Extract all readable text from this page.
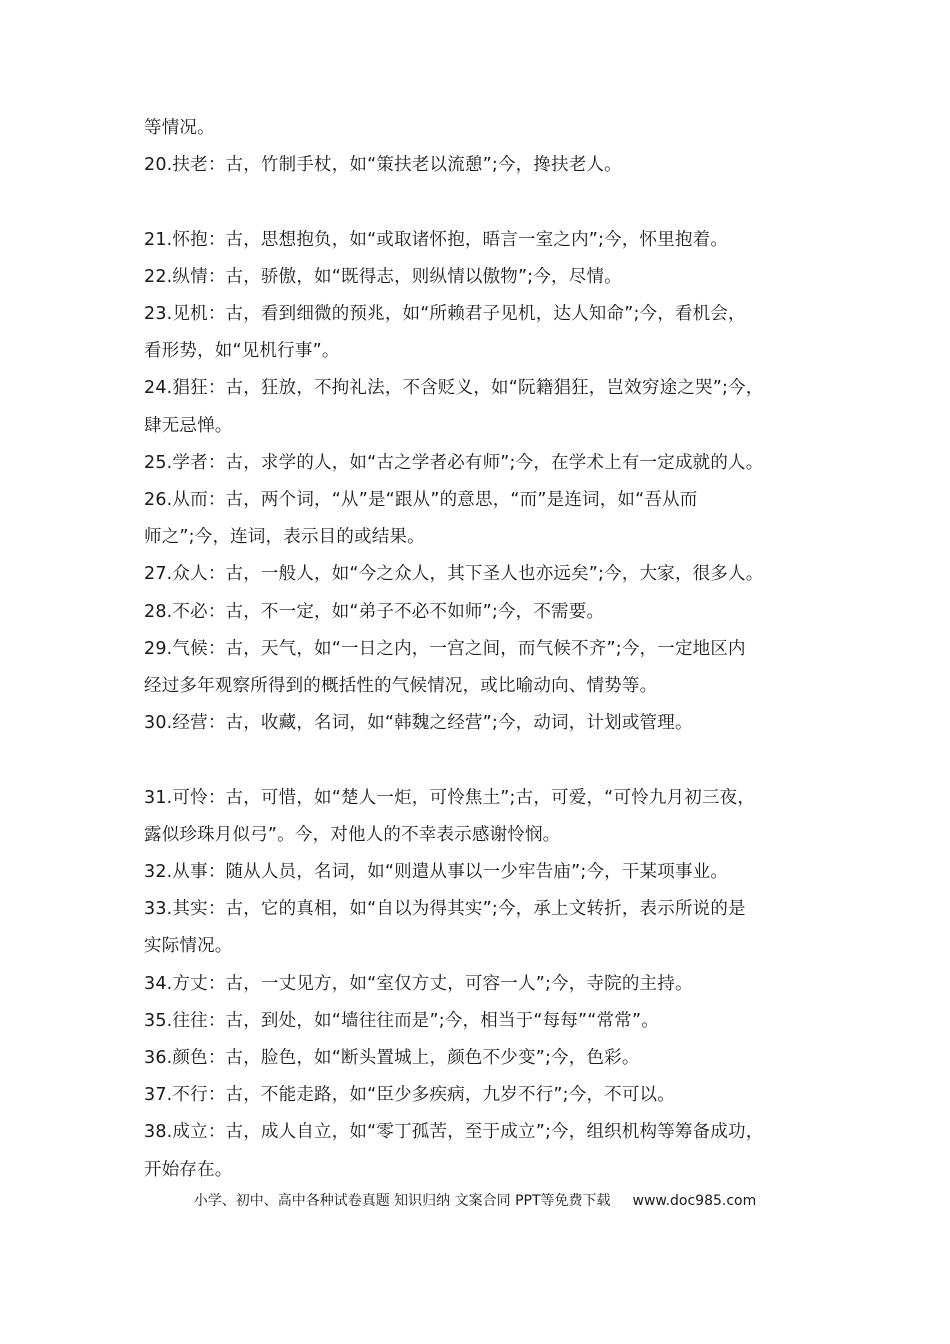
等情况。
20.扶老：古，竹制手杖，如“策扶老以流憩”;今，搀扶老人。
21.怀抱：古，思想抱负，如“或取诸怀抱，晤言一室之内”;今，怀里抱着。
22.纵情：古，骄傲，如“既得志，则纵情以傲物”;今，尽情。
23.见机：古，看到细微的预兆，如“所赖君子见机，达人知命”;今，看机会，
看形势，如“见机行事”。
24.猖狂：古，狂放，不拘礼法，不含贬义，如“阮籍猖狂，岂效穷途之哭”;今，
肆无忌惮。
25.学者：古，求学的人，如“古之学者必有师”;今，在学术上有一定成就的人。
26.从而：古，两个词，“从”是“跟从”的意思，“而”是连词，如“吾从而
师之”;今，连词，表示目的或结果。
27.众人：古，一般人，如“今之众人，其下圣人也亦远矣”;今，大家，很多人。
28.不必：古，不一定，如“弟子不必不如师”;今，不需要。
29.气候：古，天气，如“一日之内，一宫之间，而气候不齐”;今，一定地区内
经过多年观察所得到的概括性的气候情况，或比喻动向、情势等。
30.经营：古，收藏，名词，如“韩魏之经营”;今，动词，计划或管理。
31.可怜：古，可惜，如“楚人一炬，可怜焦土”;古，可爱，“可怜九月初三夜，
露似珍珠月似弓”。今，对他人的不幸表示感谢怜悯。
32.从事：随从人员，名词，如“则遣从事以一少牢告庙”;今，干某项事业。
33.其实：古，它的真相，如“自以为得其实”;今，承上文转折，表示所说的是
实际情况。
34.方丈：古，一丈见方，如“室仅方丈，可容一人”;今，寺院的主持。
35.往往：古，到处，如“墙往往而是”;今，相当于“每每”“常常”。
36.颜色：古，脸色，如“断头置城上，颜色不少变”;今，色彩。
37.不行：古，不能走路，如“臣少多疾病，九岁不行”;今，不可以。
38.成立：古，成人自立，如“零丁孤苦，至于成立”;今，组织机构等筹备成功，
开始存在。
小学、初中、高中各种试卷真题 知识归纳 文案合同 PPT等免费下载 www.doc985.com
